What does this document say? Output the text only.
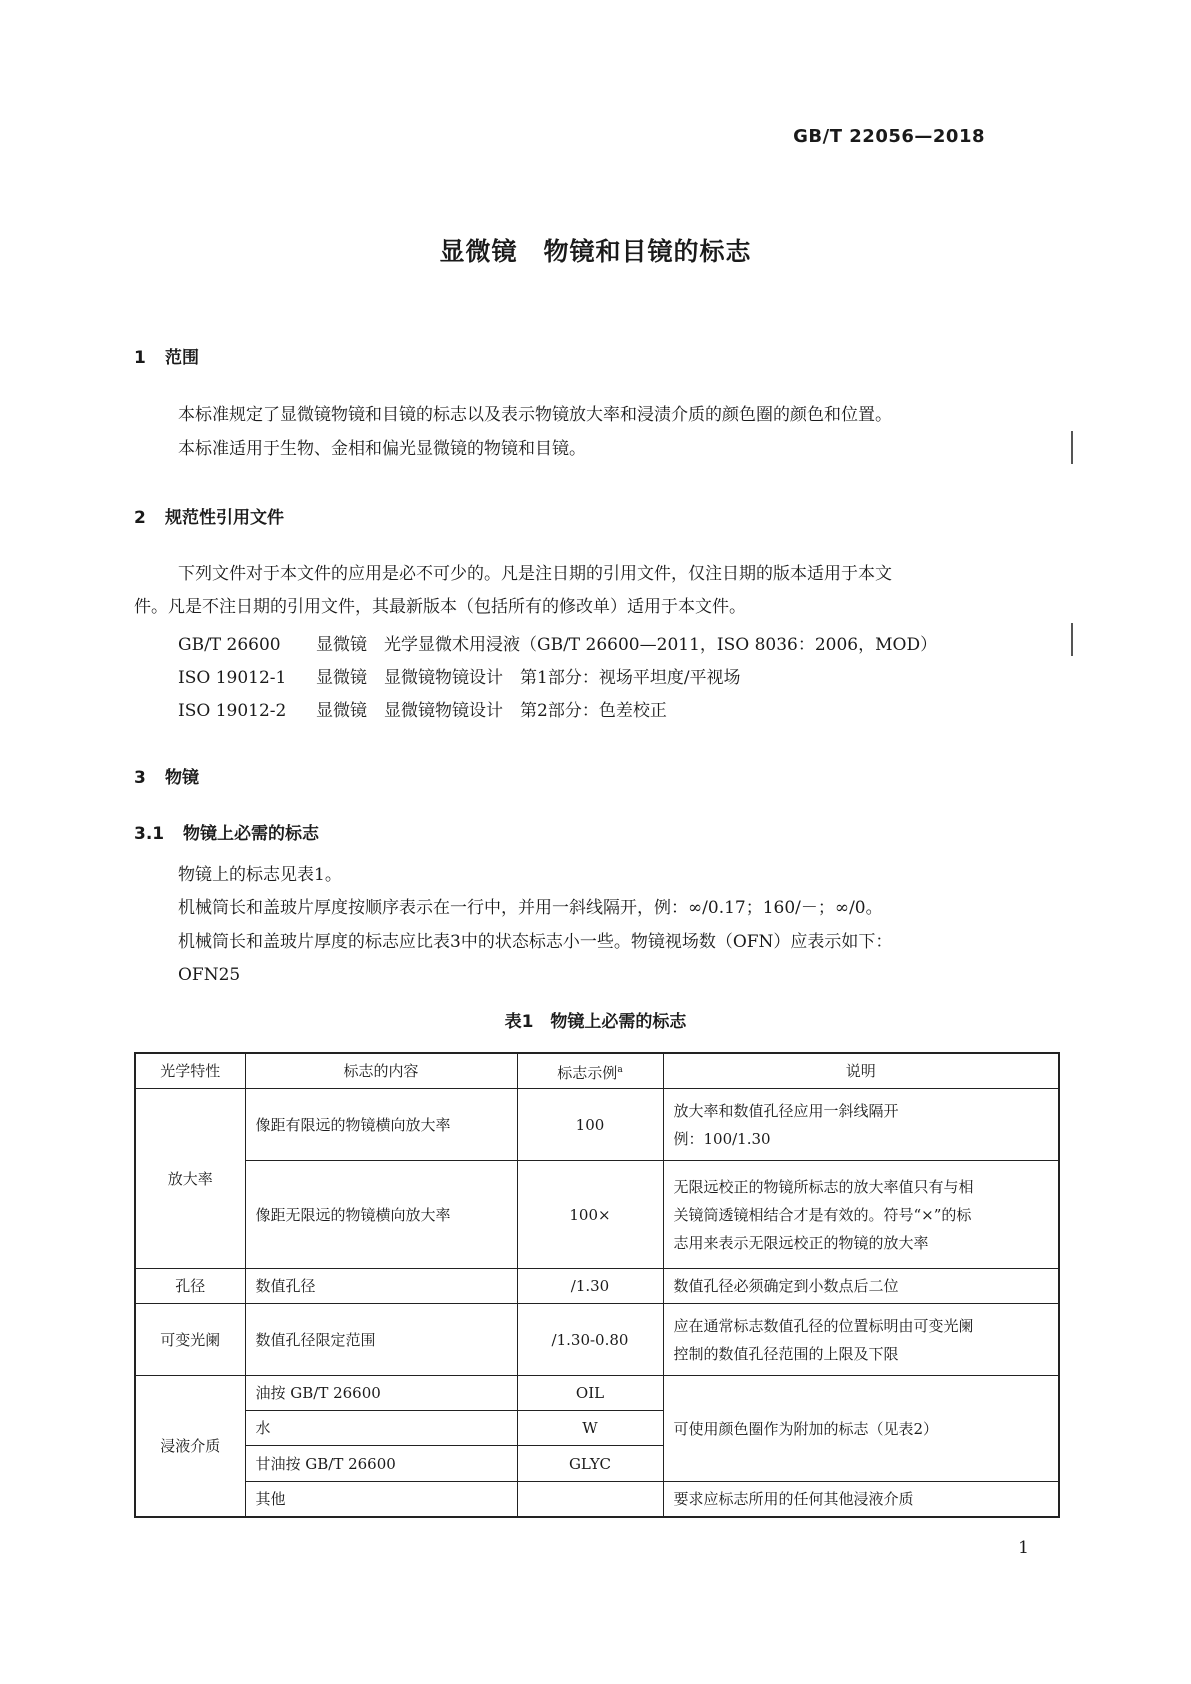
GB/T 22056—2018
显微镜　物镜和目镜的标志
1 范围
本标准规定了显微镜物镜和目镜的标志以及表示物镜放大率和浸渍介质的颜色圈的颜色和位置。
本标准适用于生物、金相和偏光显微镜的物镜和目镜。
2 规范性引用文件
下列文件对于本文件的应用是必不可少的。凡是注日期的引用文件，仅注日期的版本适用于本文
件。凡是不注日期的引用文件，其最新版本（包括所有的修改单）适用于本文件。
GB/T 26600 显微镜　光学显微术用浸液（GB/T 26600—2011，ISO 8036：2006，MOD）
ISO 19012-1 显微镜　显微镜物镜设计　第1部分：视场平坦度/平视场
ISO 19012-2 显微镜　显微镜物镜设计　第2部分：色差校正
3 物镜
3.1 物镜上必需的标志
物镜上的标志见表1。
机械筒长和盖玻片厚度按顺序表示在一行中，并用一斜线隔开，例：∞/0.17；160/－；∞/0。
机械筒长和盖玻片厚度的标志应比表3中的状态标志小一些。物镜视场数（OFN）应表示如下：
OFN25
表1　物镜上必需的标志
光学特性	标志的内容	标志示例$^a$	说明
放大率	像距有限远的物镜横向放大率	100	放大率和数值孔径应用一斜线隔开
例：100/1.30

	像距无限远的物镜横向放大率	100×	无限远校正的物镜所标志的放大率值只有与相
关镜筒透镜相结合才是有效的。符号“×”的标
志用来表示无限远校正的物镜的放大率

孔径	数值孔径	/1.30	数值孔径必须确定到小数点后二位
可变光阑	数值孔径限定范围	/1.30-0.80	应在通常标志数值孔径的位置标明由可变光阑
控制的数值孔径范围的上限及下限

浸液介质	油按 GB/T 26600	OIL	可使用颜色圈作为附加的标志（见表2）
	水	W	
	甘油按 GB/T 26600	GLYC	
	其他		要求应标志所用的任何其他浸液介质
1
